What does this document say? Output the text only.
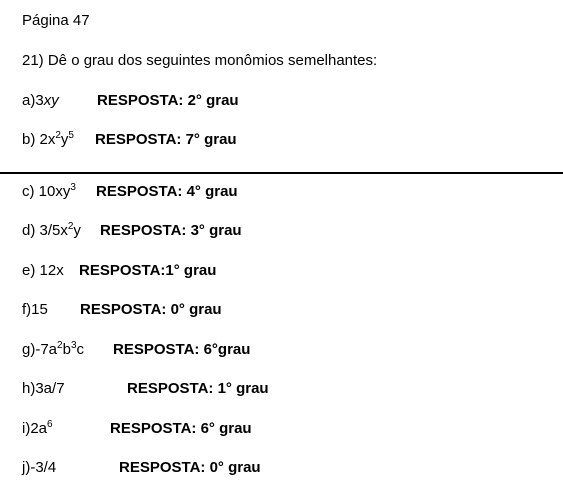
Página 47
21) Dê o grau dos seguintes monômios semelhantes:
a)3xy	RESPOSTA: 2° grau
b) $2x^2y^5$ RESPOSTA: 7° grau
c) $10xy^3$ RESPOSTA: 4° grau
d) $3/5x^2y$ RESPOSTA: 3° grau
e) 12x RESPOSTA:1° grau
f)15 RESPOSTA: 0° grau
$g)-7a^2b^3c$ RESPOSTA: 6°grau
h)3a/7	RESPOSTA: 1° grau
$i)2a^6$	RESPOSTA: 6° grau
j)-3/4	RESPOSTA: 0° grau
